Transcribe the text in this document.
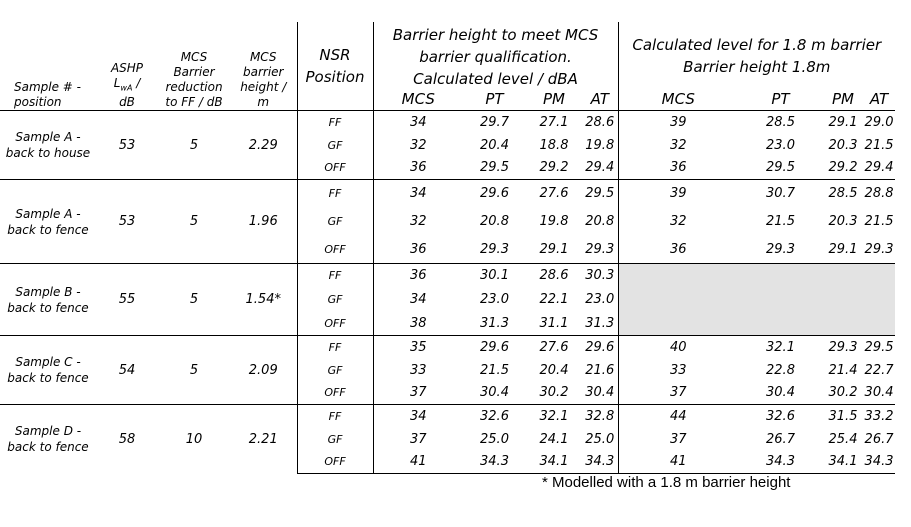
Sample # -
position	ASHP
$L_{wA}$ /
dB	MCS
Barrier
reduction
to FF / dB	MCS
barrier
height /
m	NSR
Position	Barrier height to meet MCS
barrier qualification.
Calculated level / dBA				Calculated level for 1.8 m barrier
Barrier height 1.8m			
					MCS	PT	PM	AT	MCS	PT	PM	AT
Sample A -
back to house	53	5	2.29	FF	34	29.7	27.1	28.6	39	28.5	29.1	29.0
				GF	32	20.4	18.8	19.8	32	23.0	20.3	21.5
				OFF	36	29.5	29.2	29.4	36	29.5	29.2	29.4
Sample A -
back to fence	53	5	1.96	FF	34	29.6	27.6	29.5	39	30.7	28.5	28.8
				GF	32	20.8	19.8	20.8	32	21.5	20.3	21.5
				OFF	36	29.3	29.1	29.3	36	29.3	29.1	29.3
Sample B -
back to fence	55	5	1.54*	FF	36	30.1	28.6	30.3				
				GF	34	23.0	22.1	23.0				
				OFF	38	31.3	31.1	31.3				
Sample C -
back to fence	54	5	2.09	FF	35	29.6	27.6	29.6	40	32.1	29.3	29.5
				GF	33	21.5	20.4	21.6	33	22.8	21.4	22.7
				OFF	37	30.4	30.2	30.4	37	30.4	30.2	30.4
Sample D -
back to fence	58	10	2.21	FF	34	32.6	32.1	32.8	44	32.6	31.5	33.2
				GF	37	25.0	24.1	25.0	37	26.7	25.4	26.7
				OFF	41	34.3	34.1	34.3	41	34.3	34.1	34.3
* Modelled with a 1.8 m barrier height
